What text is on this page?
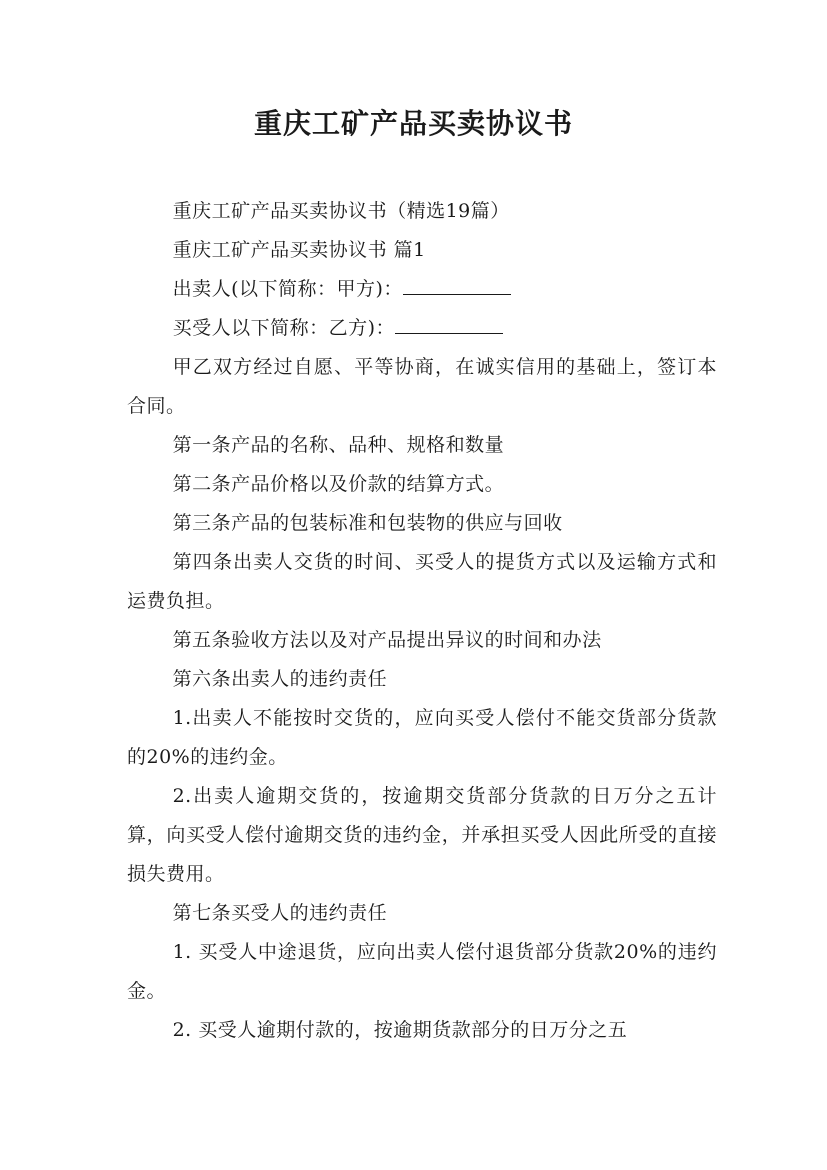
重庆工矿产品买卖协议书

重庆工矿产品买卖协议书（精选19篇）

重庆工矿产品买卖协议书 篇1

出卖人(以下简称：甲方)：

买受人以下简称：乙方)：

甲乙双方经过自愿、平等协商，在诚实信用的基础上，签订本合同。

第一条产品的名称、品种、规格和数量

第二条产品价格以及价款的结算方式。

第三条产品的包装标准和包装物的供应与回收

第四条出卖人交货的时间、买受人的提货方式以及运输方式和运费负担。

第五条验收方法以及对产品提出异议的时间和办法

第六条出卖人的违约责任

1.出卖人不能按时交货的，应向买受人偿付不能交货部分货款的20%的违约金。

2.出卖人逾期交货的，按逾期交货部分货款的日万分之五计算，向买受人偿付逾期交货的违约金，并承担买受人因此所受的直接损失费用。

第七条买受人的违约责任

1. 买受人中途退货，应向出卖人偿付退货部分货款20%的违约金。

2. 买受人逾期付款的，按逾期货款部分的日万分之五
